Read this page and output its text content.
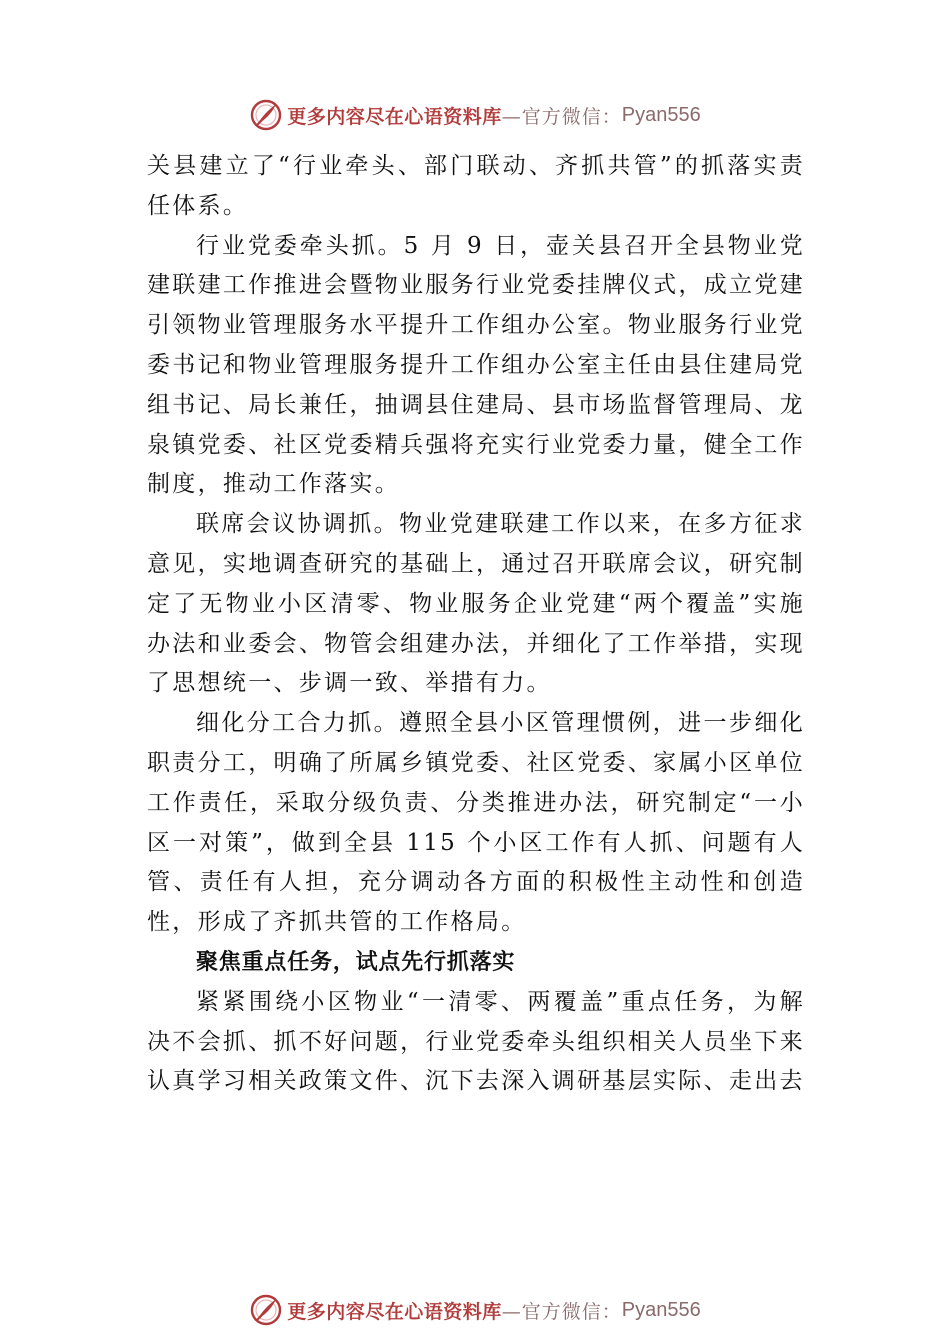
更多内容尽在心语资料库 —官方微信： Pyan556

关县建立了“行业牵头、部门联动、齐抓共管”的抓落实责任体系。

行业党委牵头抓。5 月 9 日，壶关县召开全县物业党建联建工作推进会暨物业服务行业党委挂牌仪式，成立党建引领物业管理服务水平提升工作组办公室。物业服务行业党委书记和物业管理服务提升工作组办公室主任由县住建局党组书记、局长兼任，抽调县住建局、县市场监督管理局、龙泉镇党委、社区党委精兵强将充实行业党委力量，健全工作制度，推动工作落实。

联席会议协调抓。物业党建联建工作以来，在多方征求意见，实地调查研究的基础上，通过召开联席会议，研究制定了无物业小区清零、物业服务企业党建“两个覆盖”实施办法和业委会、物管会组建办法，并细化了工作举措，实现了思想统一、步调一致、举措有力。

细化分工合力抓。遵照全县小区管理惯例，进一步细化职责分工，明确了所属乡镇党委、社区党委、家属小区单位工作责任，采取分级负责、分类推进办法，研究制定“一小区一对策”，做到全县 115 个小区工作有人抓、问题有人管、责任有人担，充分调动各方面的积极性主动性和创造性，形成了齐抓共管的工作格局。

聚焦重点任务，试点先行抓落实

紧紧围绕小区物业“一清零、两覆盖”重点任务，为解决不会抓、抓不好问题，行业党委牵头组织相关人员坐下来认真学习相关政策文件、沉下去深入调研基层实际、走出去

更多内容尽在心语资料库 —官方微信： Pyan556
